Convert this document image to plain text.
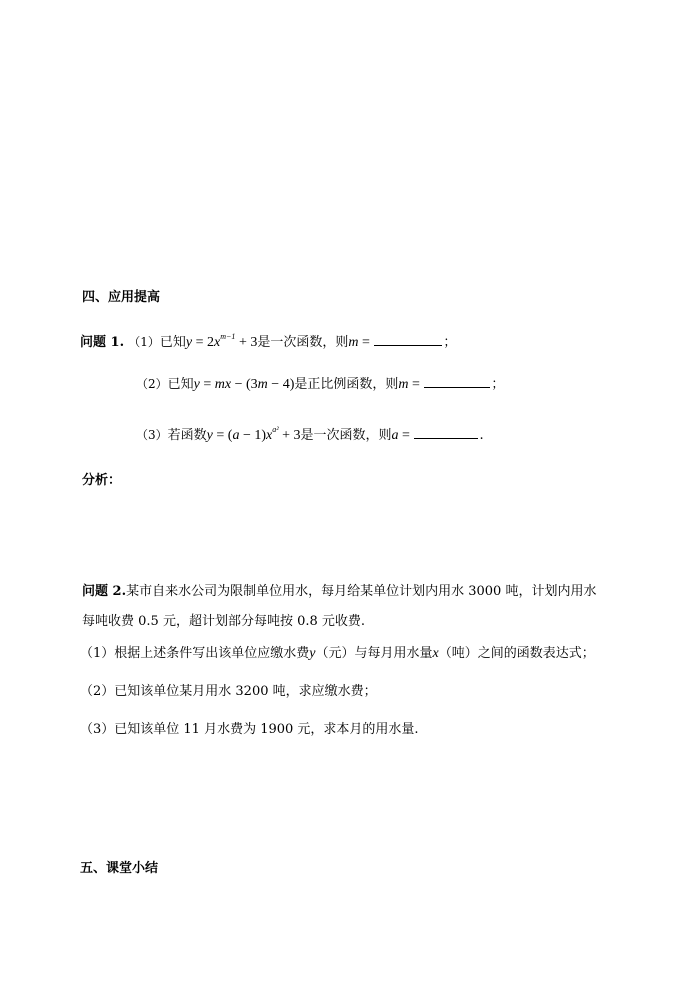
四、应用提高
问题 1. （1）已知$y = 2x^{m-1} + 3$是一次函数，则m =	；
（2）已知y = mx − (3m − 4)是正比例函数，则m =	；
（3）若函数$y = (a - 1)x^{a^2} + 3$是一次函数，则a =	.
分析：
问题 2.某市自来水公司为限制单位用水，每月给某单位计划内用水 3000 吨，计划内用水
每吨收费 0.5 元，超计划部分每吨按 0.8 元收费.
（1）根据上述条件写出该单位应缴水费y（元）与每月用水量x（吨）之间的函数表达式；
（2）已知该单位某月用水 3200 吨，求应缴水费；
（3）已知该单位 11 月水费为 1900 元，求本月的用水量.
五、课堂小结
